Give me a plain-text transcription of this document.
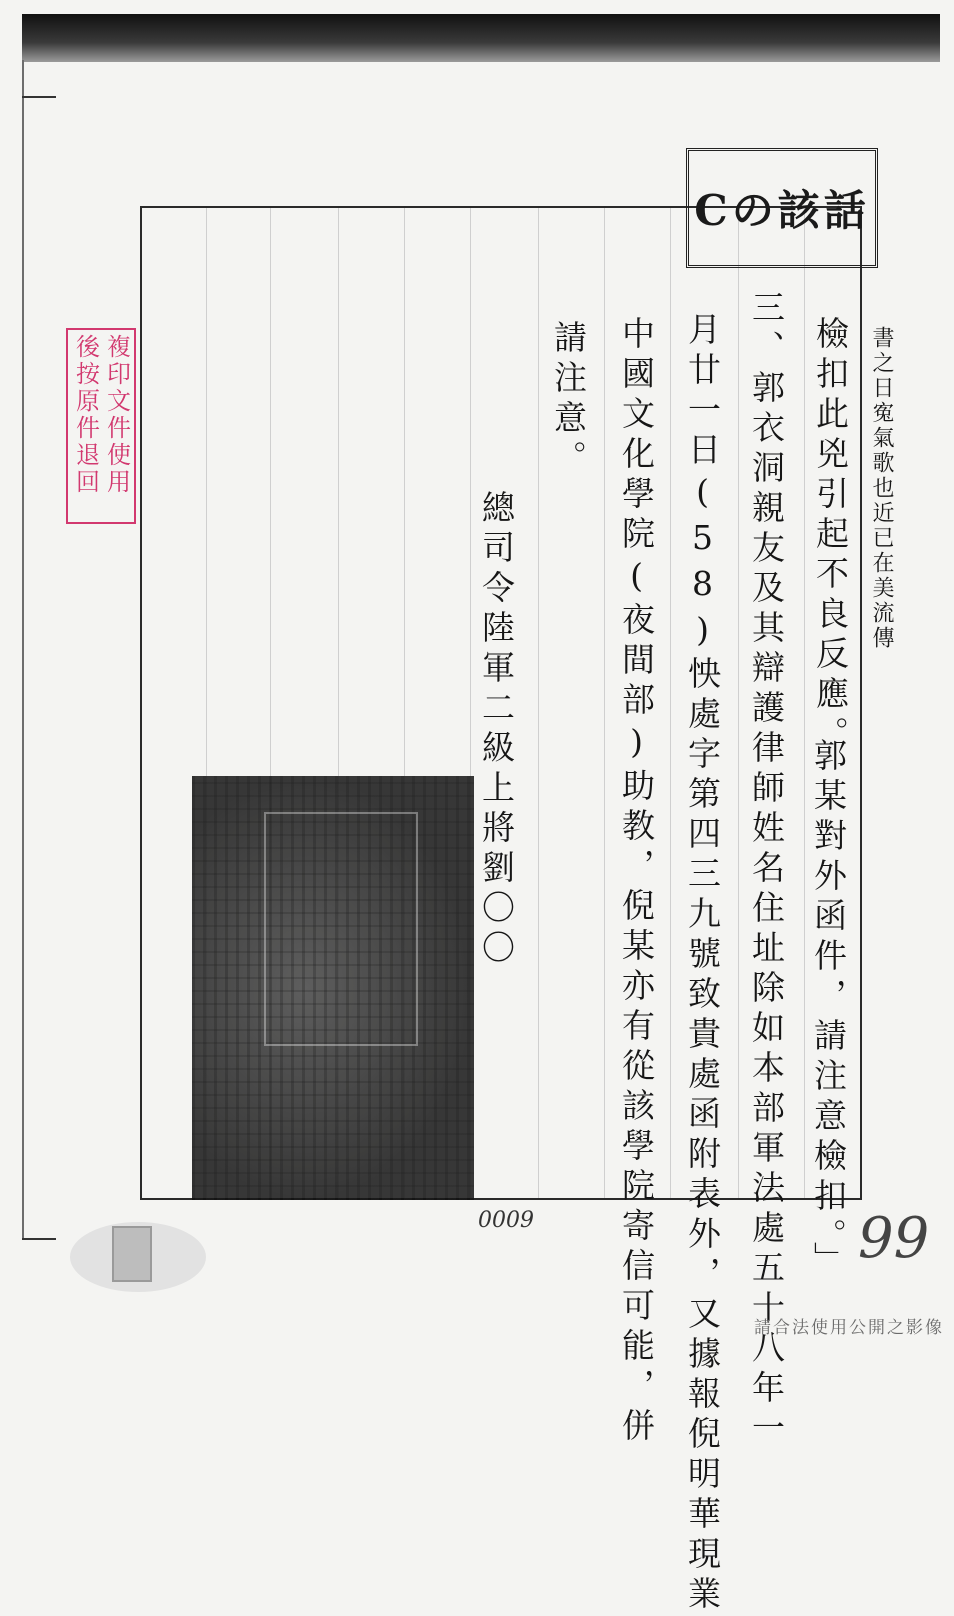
Cの該話
複印文件使用
後按原件退回	書之日寃氣歌也近已在美流傳
檢扣此兇引起不良反應。
郭某對外函件，請注意檢扣。」
三、郭衣洞親友及其辯護律師姓名住址除如本部軍法處五十八年一
月廿一日(58)怏處字第四三九號致貴處函附表外，又據報倪明華現業
中國文化學院(夜間部)助教，倪某亦有從該學院寄信可能，併
請注意。
總司令陸軍二級上將劉〇〇
0009	99
請合法使用公開之影像
